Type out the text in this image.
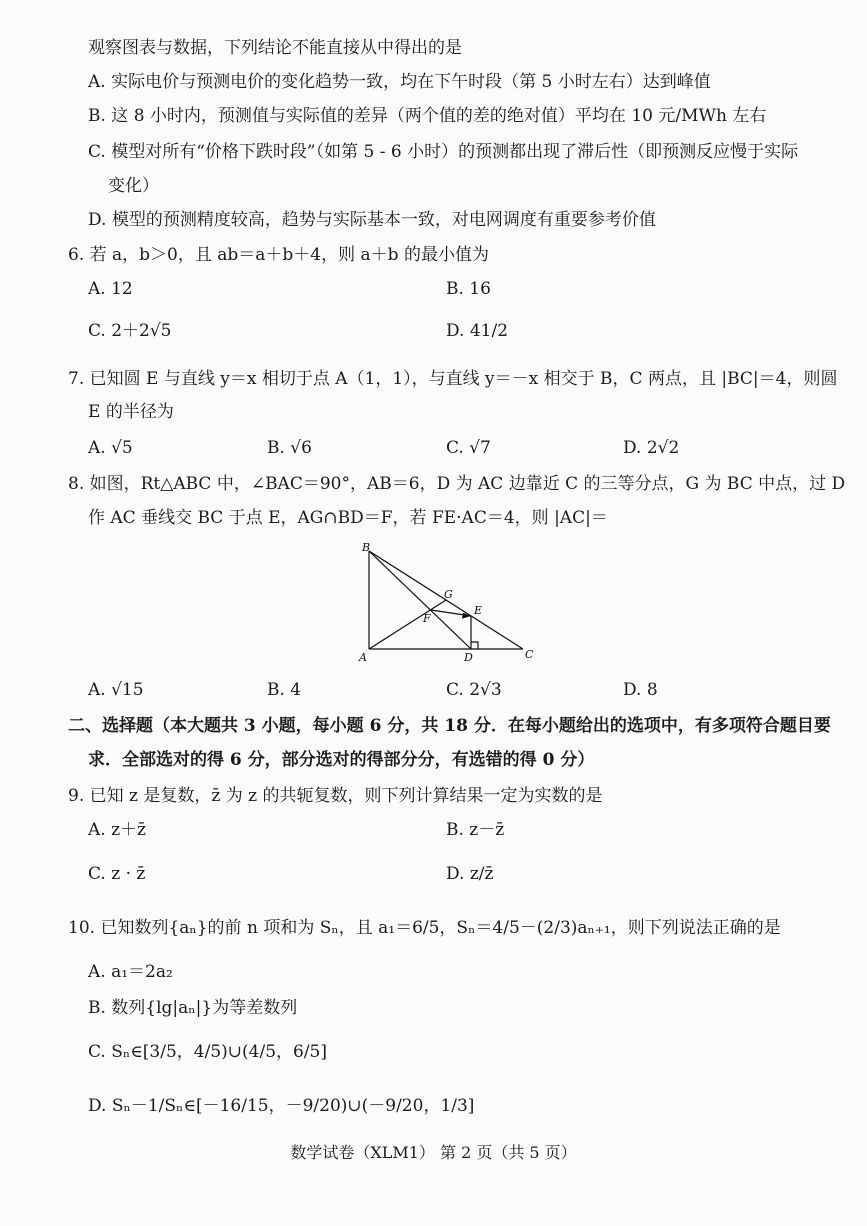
观察图表与数据，下列结论不能直接从中得出的是
A. 实际电价与预测电价的变化趋势一致，均在下午时段（第 5 小时左右）达到峰值
B. 这 8 小时内，预测值与实际值的差异（两个值的差的绝对值）平均在 10 元/MWh 左右
C. 模型对所有“价格下跌时段”（如第 5 - 6 小时）的预测都出现了滞后性（即预测反应慢于实际
变化）
D. 模型的预测精度较高，趋势与实际基本一致，对电网调度有重要参考价值
6. 若 a，b＞0，且 ab＝a＋b＋4，则 a＋b 的最小值为
A. 12	B. 16
C. 2＋2√5	D. 41/2
7. 已知圆 E 与直线 y＝x 相切于点 A（1，1），与直线 y＝－x 相交于 B，C 两点，且 |BC|＝4，则圆
E 的半径为
A. √5	B. √6	C. √7	D. 2√2
8. 如图，Rt△ABC 中，∠BAC＝90°，AB＝6，D 为 AC 边靠近 C 的三等分点，G 为 BC 中点，过 D
作 AC 垂线交 BC 于点 E，AG∩BD＝F，若 FE·AC＝4，则 |AC|＝
B
G
E
F
A	D	C
A. √15	B. 4	C. 2√3	D. 8
二、选择题（本大题共 3 小题，每小题 6 分，共 18 分．在每小题给出的选项中，有多项符合题目要
求．全部选对的得 6 分，部分选对的得部分分，有选错的得 0 分）
9. 已知 z 是复数，z̄ 为 z 的共轭复数，则下列计算结果一定为实数的是
A. z＋z̄	B. z－z̄
C. z · z̄	D. z/z̄
10. 已知数列{aₙ}的前 n 项和为 Sₙ，且 a₁＝6/5，Sₙ＝4/5－(2/3)aₙ₊₁，则下列说法正确的是
A. a₁＝2a₂
B. 数列{lg|aₙ|}为等差数列
C. Sₙ∈[3/5，4/5)∪(4/5，6/5]
D. Sₙ－1/Sₙ∈[－16/15，－9/20)∪(－9/20，1/3]
数学试卷（XLM1） 第 2 页（共 5 页）
